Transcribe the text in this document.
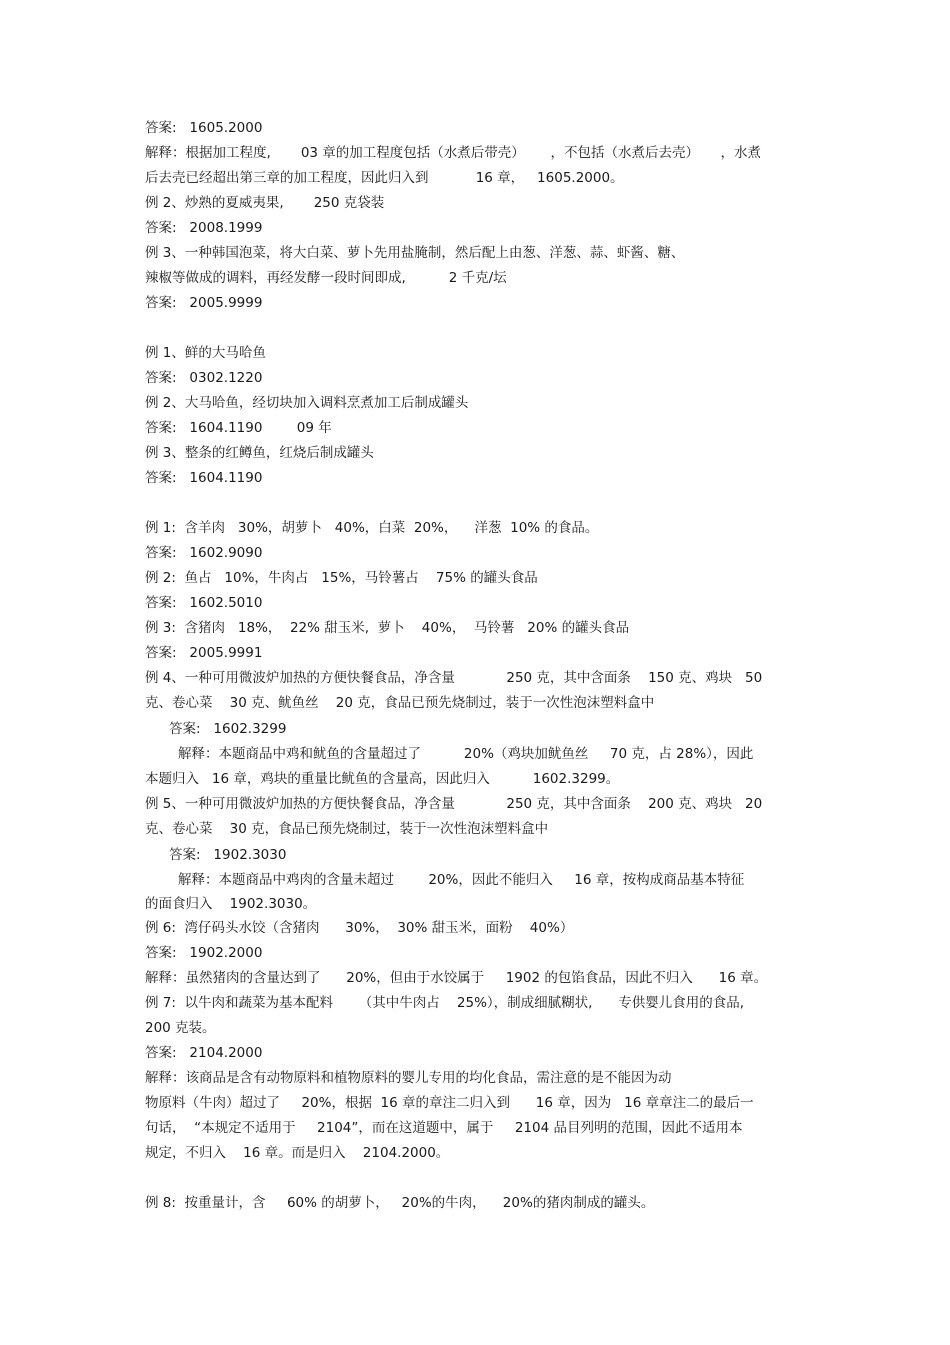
答案:   1605.2000
解释：根据加工程度,       03 章的加工程度包括（水煮后带壳）      ，不包括（水煮后去壳）     ，水煮
后去壳已经超出第三章的加工程度，因此归入到           16 章，   1605.2000。
例 2、炒熟的夏威夷果,       250 克袋装
答案:   2008.1999
例 3、一种韩国泡菜，将大白菜、萝卜先用盐腌制，然后配上由葱、洋葱、蒜、虾酱、糖、
辣椒等做成的调料，再经发酵一段时间即成,          2 千克/坛
答案:   2005.9999
例 1、鲜的大马哈鱼
答案:   0302.1220
例 2、大马哈鱼，经切块加入调料烹煮加工后制成罐头
答案:   1604.1190        09 年
例 3、整条的红鳟鱼，红烧后制成罐头
答案:   1604.1190
例 1:  含羊肉   30%，胡萝卜   40%，白菜  20%，    洋葱  10% 的食品。
答案:   1602.9090
例 2:  鱼占   10%，牛肉占   15%，马铃薯占    75% 的罐头食品
答案:   1602.5010
例 3:  含猪肉   18%，  22% 甜玉米,  萝卜    40%，  马铃薯   20% 的罐头食品
答案:   2005.9991
例 4、一种可用微波炉加热的方便快餐食品，净含量            250 克，其中含面条    150 克、鸡块   50
克、卷心菜    30 克、鱿鱼丝    20 克，食品已预先烧制过，装于一次性泡沫塑料盒中
答案:   1602.3299
解释：本题商品中鸡和鱿鱼的含量超过了          20%（鸡块加鱿鱼丝     70 克，占 28%），因此
本题归入   16 章，鸡块的重量比鱿鱼的含量高，因此归入          1602.3299。
例 5、一种可用微波炉加热的方便快餐食品，净含量            250 克，其中含面条    200 克、鸡块   20
克、卷心菜    30 克，食品已预先烧制过，装于一次性泡沫塑料盒中
答案:   1902.3030
解释：本题商品中鸡肉的含量未超过        20%，因此不能归入     16 章，按构成商品基本特征
的面食归入    1902.3030。
例 6:  湾仔码头水饺（含猪肉      30%，  30% 甜玉米，面粉    40%）
答案:   1902.2000
解释：虽然猪肉的含量达到了      20%，但由于水饺属于     1902 的包馅食品，因此不归入      16 章。
例 7:  以牛肉和蔬菜为基本配料      （其中牛肉占    25%），制成细腻糊状,      专供婴儿食用的食品,
200 克装。
答案:   2104.2000
解释：该商品是含有动物原料和植物原料的婴儿专用的均化食品，需注意的是不能因为动
物原料（牛肉）超过了     20%，根据  16 章的章注二归入到      16 章，因为   16 章章注二的最后一
句话，  “本规定不适用于     2104”，而在这道题中，属于     2104 品目列明的范围，因此不适用本
规定，不归入    16 章。而是归入    2104.2000。
例 8:  按重量计，含     60% 的胡萝卜，   20%的牛肉，    20%的猪肉制成的罐头。
